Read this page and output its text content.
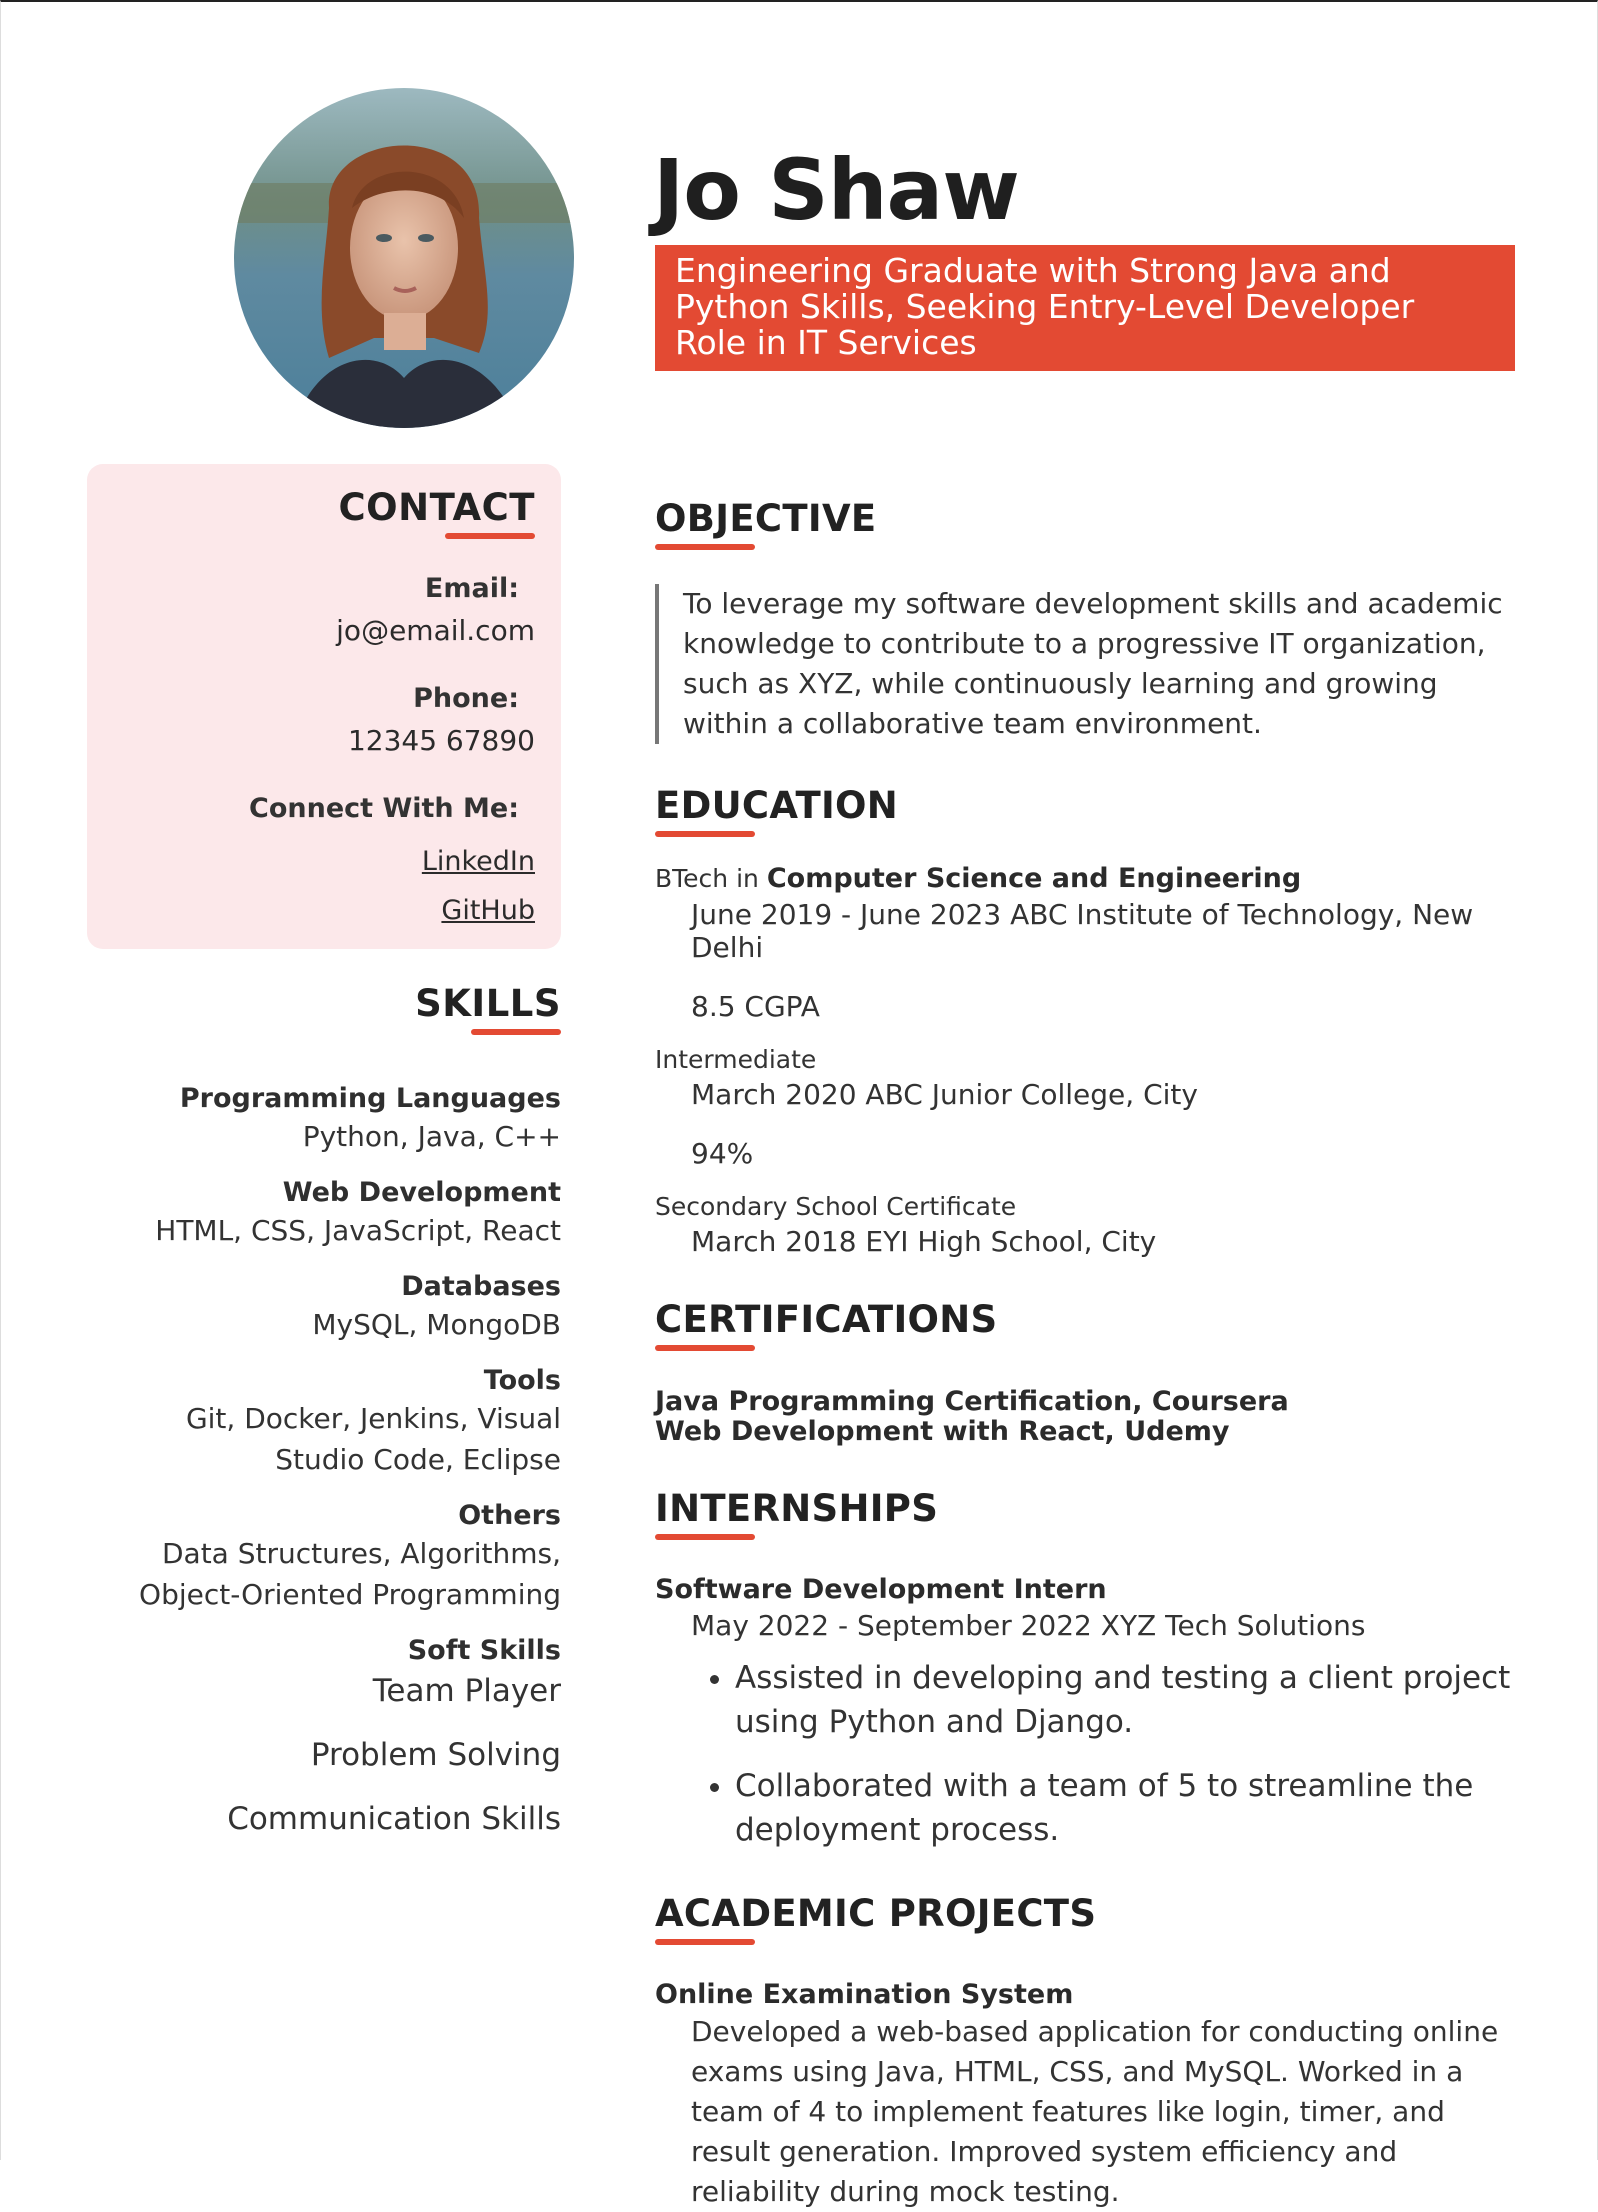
CONTACT
Email:
jo@email.com
Phone:
12345 67890
Connect With Me:
LinkedIn
GitHub
SKILLS
Programming Languages
Python, Java, C++
Web Development
HTML, CSS, JavaScript, React
Databases
MySQL, MongoDB
Tools
Git, Docker, Jenkins, Visual Studio Code, Eclipse
Others
Data Structures, Algorithms, Object-Oriented Programming
Soft Skills
Team Player
Problem Solving
Communication Skills
Jo Shaw
Engineering Graduate with Strong Java and Python Skills, Seeking Entry-Level Developer Role in IT Services
OBJECTIVE
To leverage my software development skills and academic knowledge to contribute to a progressive IT organization, such as XYZ, while continuously learning and growing within a collaborative team environment.
EDUCATION
BTech in Computer Science and Engineering
June 2019 - June 2023 ABC Institute of Technology, New Delhi
8.5 CGPA
Intermediate
March 2020 ABC Junior College, City
94%
Secondary School Certificate
March 2018 EYI High School, City
CERTIFICATIONS
Java Programming Certification, Coursera
Web Development with React, Udemy
INTERNSHIPS
Software Development Intern
May 2022 - September 2022 XYZ Tech Solutions
• Assisted in developing and testing a client project using Python and Django.
• Collaborated with a team of 5 to streamline the deployment process.
ACADEMIC PROJECTS
Online Examination System
Developed a web-based application for conducting online exams using Java, HTML, CSS, and MySQL. Worked in a team of 4 to implement features like login, timer, and result generation. Improved system efficiency and reliability during mock testing.
